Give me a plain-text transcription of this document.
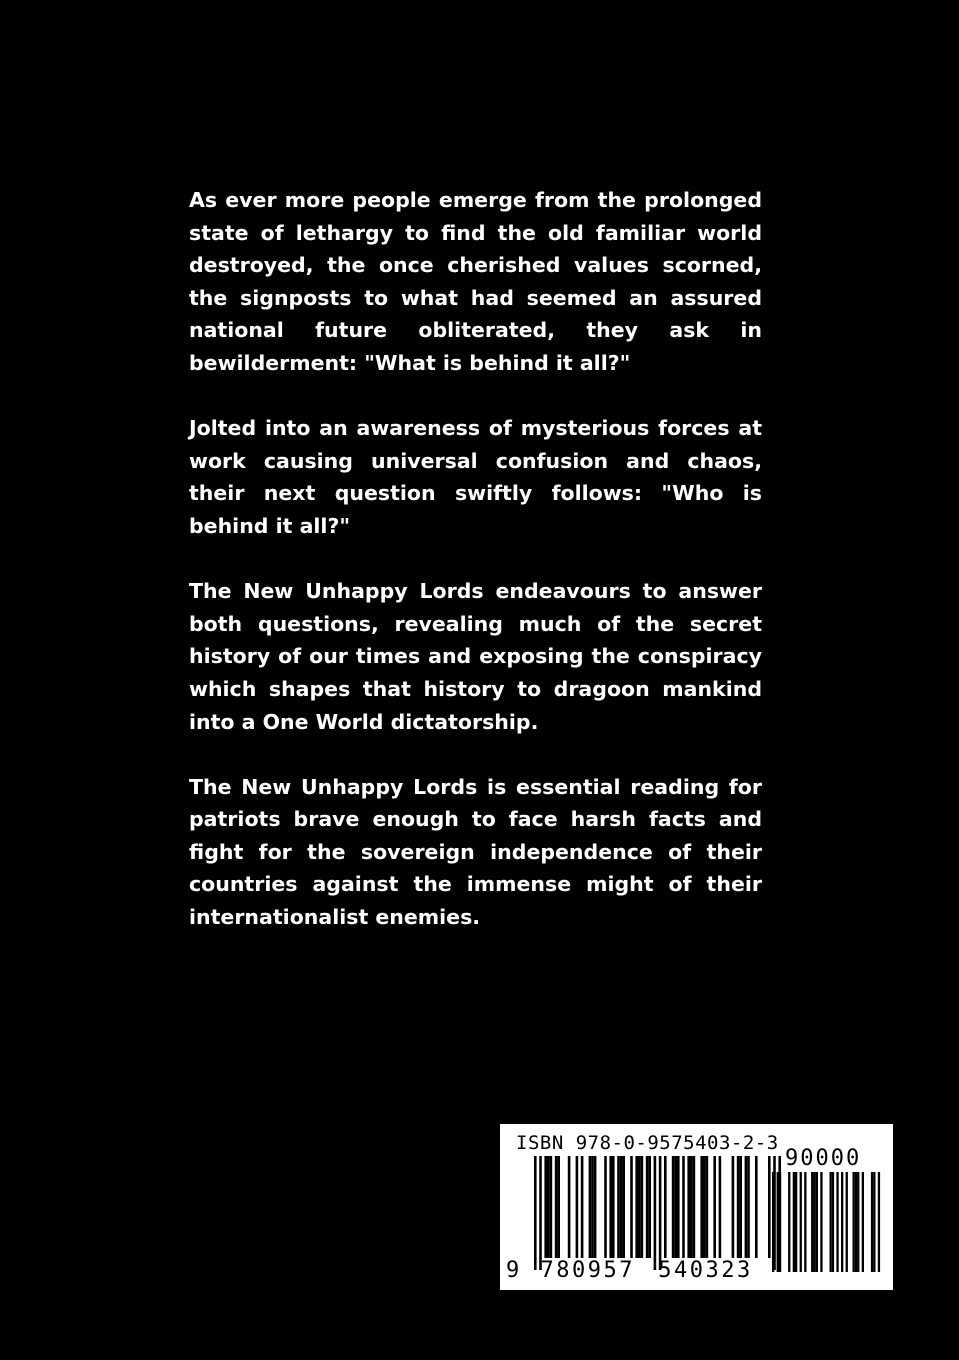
As ever more people emerge from the prolonged state of lethargy to find the old familiar world destroyed, the once cherished values scorned, the signposts to what had seemed an assured national future obliterated, they ask in bewilderment: "What is behind it all?"

Jolted into an awareness of mysterious forces at work causing universal confusion and chaos, their next question swiftly follows: "Who is behind it all?"

The New Unhappy Lords endeavours to answer both questions, revealing much of the secret history of our times and exposing the conspiracy which shapes that history to dragoon mankind into a One World dictatorship.

The New Unhappy Lords is essential reading for patriots brave enough to face harsh facts and fight for the sovereign independence of their countries against the immense might of their internationalist enemies.

ISBN 978-0-9575403-2-3
90000
9 780957 540323
